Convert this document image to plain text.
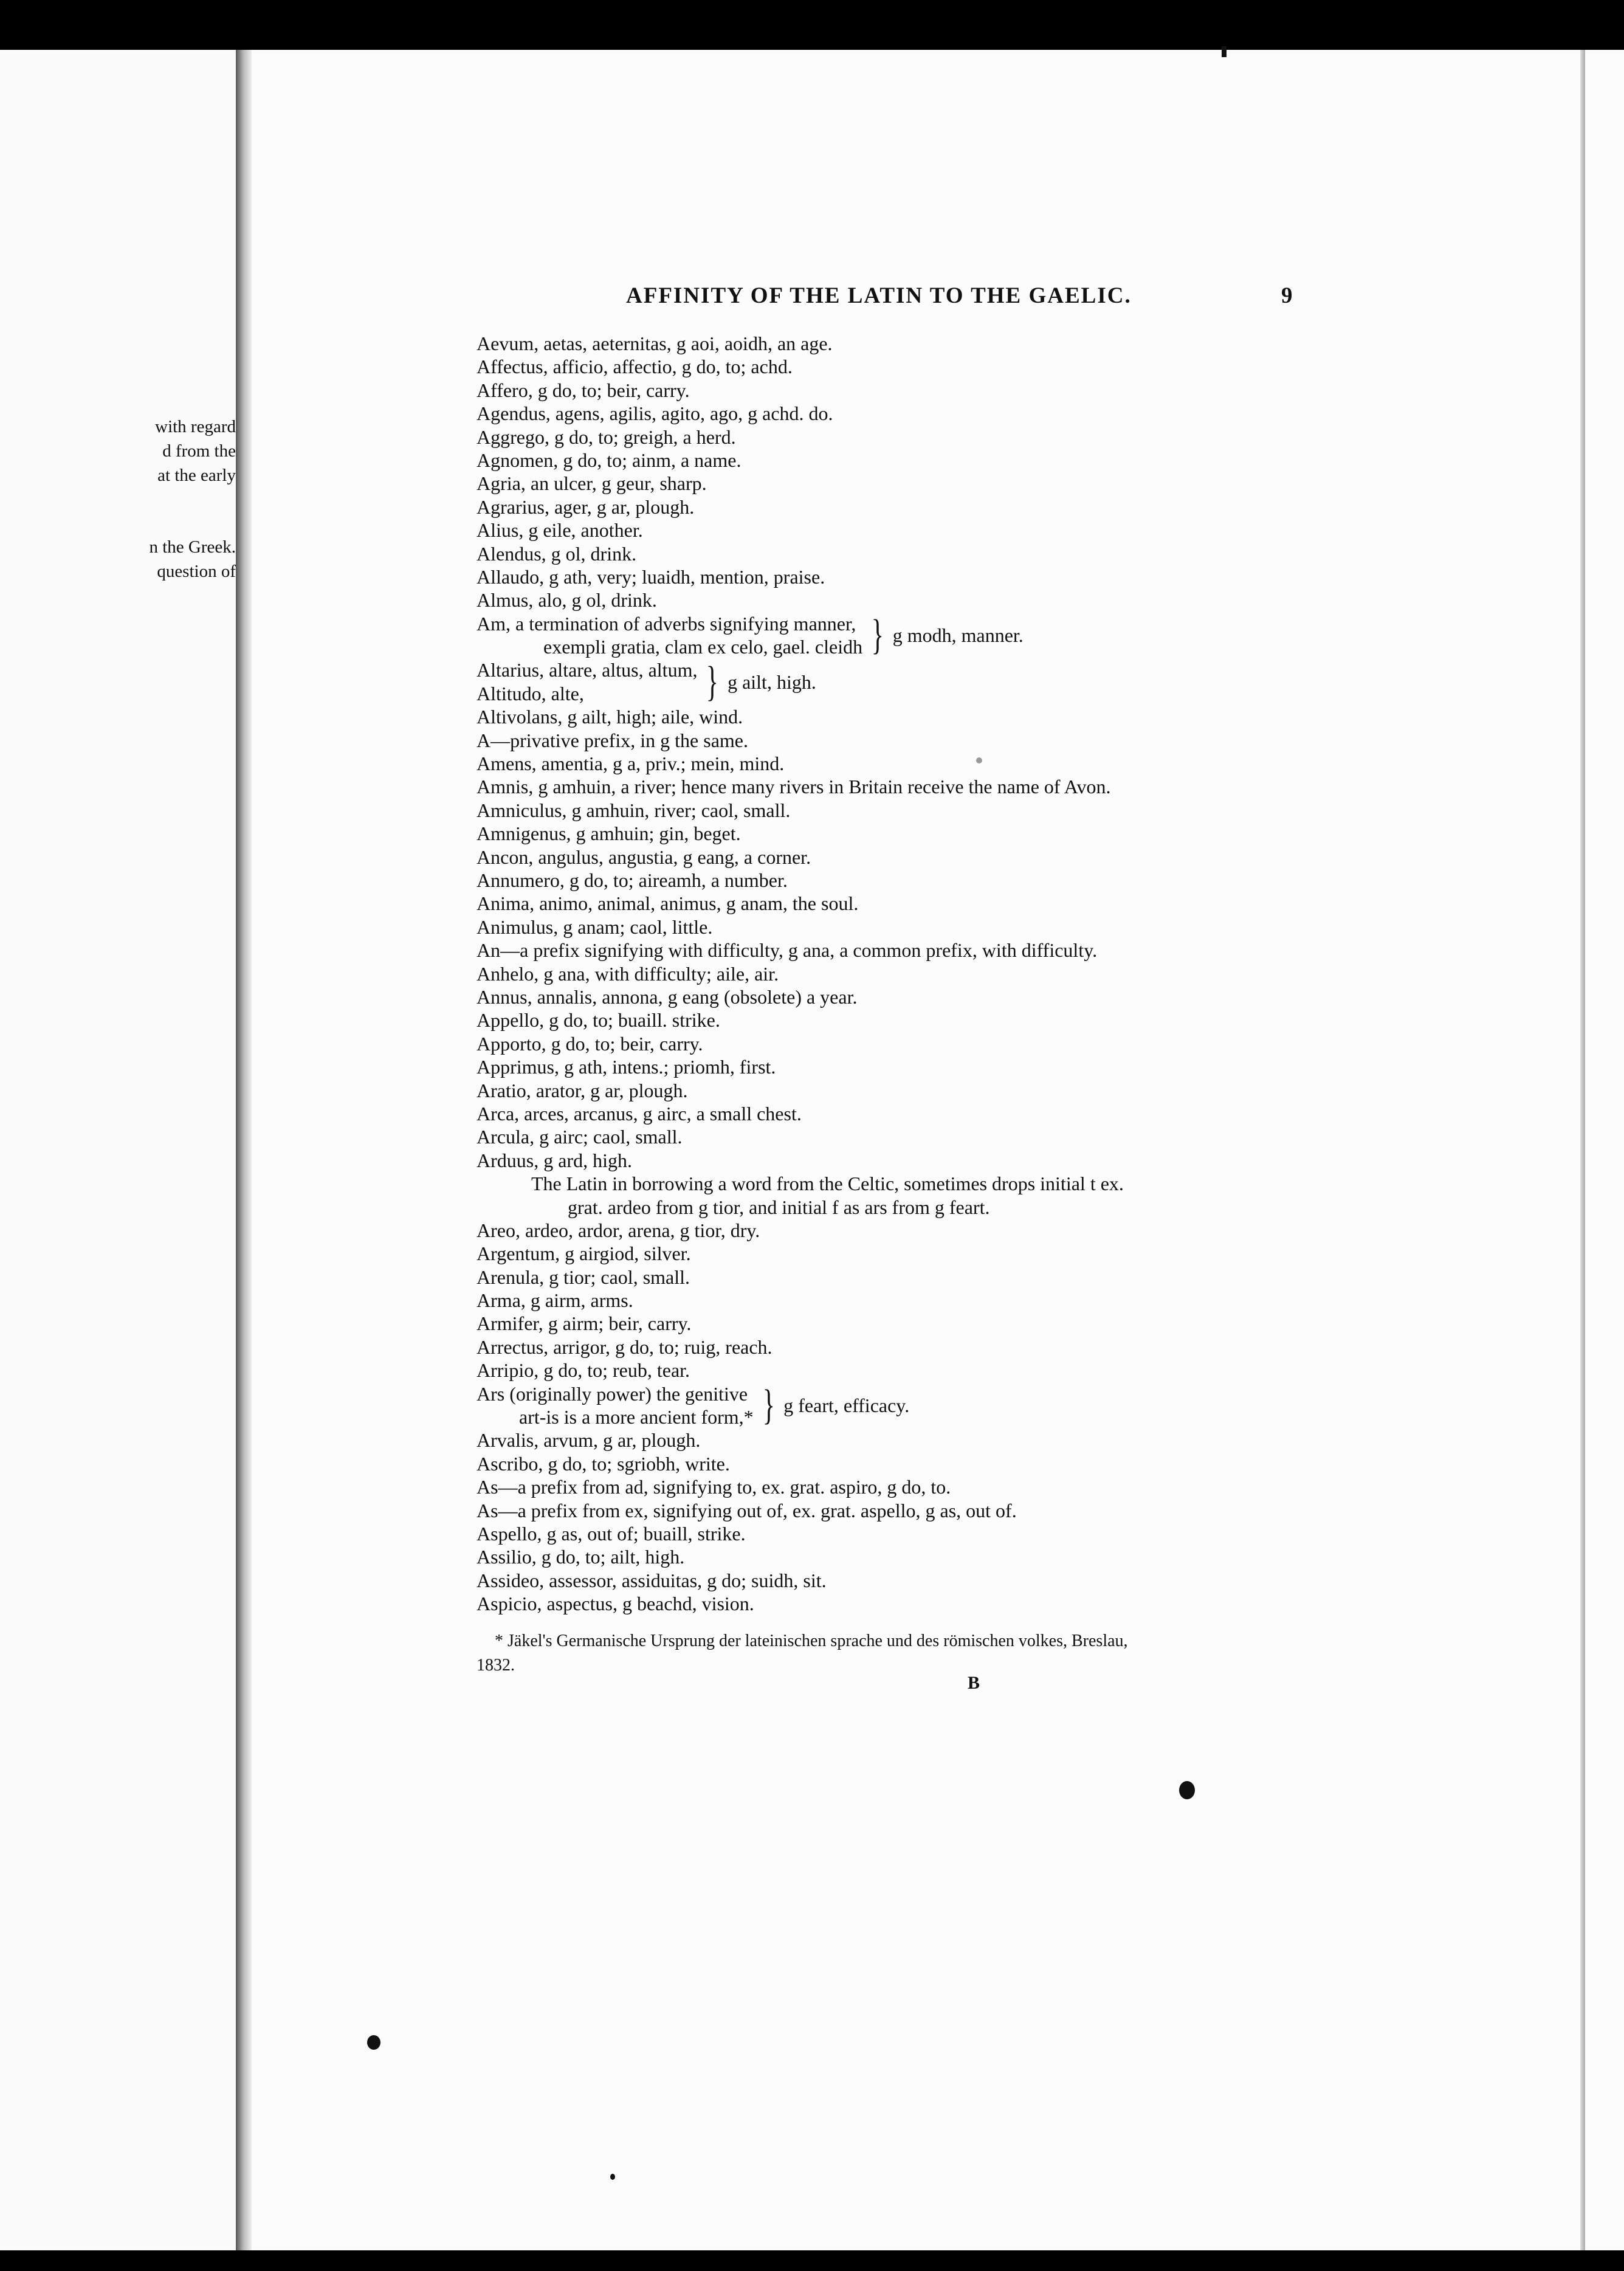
with regard
d from the
at the early
n the Greek.
question of
AFFINITY OF THE LATIN TO THE GAELIC.	9
Aevum, aetas, aeternitas, g aoi, aoidh, an age.
Affectus, afficio, affectio, g do, to; achd.
Affero, g do, to; beir, carry.
Agendus, agens, agilis, agito, ago, g achd. do.
Aggrego, g do, to; greigh, a herd.
Agnomen, g do, to; ainm, a name.
Agria, an ulcer, g geur, sharp.
Agrarius, ager, g ar, plough.
Alius, g eile, another.
Alendus, g ol, drink.
Allaudo, g ath, very; luaidh, mention, praise.
Almus, alo, g ol, drink.
Am, a termination of adverbs signifying manner,
exempli gratia, clam ex celo, gael. cleidh } g modh, manner.
Altarius, altare, altus, altum,
Altitudo, alte,	} g ailt, high.
Altivolans, g ailt, high; aile, wind.
A—privative prefix, in g the same.
Amens, amentia, g a, priv.; mein, mind.
Amnis, g amhuin, a river; hence many rivers in Britain receive the name of Avon.
Amniculus, g amhuin, river; caol, small.
Amnigenus, g amhuin; gin, beget.
Ancon, angulus, angustia, g eang, a corner.
Annumero, g do, to; aireamh, a number.
Anima, animo, animal, animus, g anam, the soul.
Animulus, g anam; caol, little.
An—a prefix signifying with difficulty, g ana, a common prefix, with difficulty.
Anhelo, g ana, with difficulty; aile, air.
Annus, annalis, annona, g eang (obsolete) a year.
Appello, g do, to; buaill. strike.
Apporto, g do, to; beir, carry.
Apprimus, g ath, intens.; priomh, first.
Aratio, arator, g ar, plough.
Arca, arces, arcanus, g airc, a small chest.
Arcula, g airc; caol, small.
Arduus, g ard, high.
The Latin in borrowing a word from the Celtic, sometimes drops initial t ex.
grat. ardeo from g tior, and initial f as ars from g feart.
Areo, ardeo, ardor, arena, g tior, dry.
Argentum, g airgiod, silver.
Arenula, g tior; caol, small.
Arma, g airm, arms.
Armifer, g airm; beir, carry.
Arrectus, arrigor, g do, to; ruig, reach.
Arripio, g do, to; reub, tear.
Ars (originally power) the genitive
art-is is a more ancient form,* } g feart, efficacy.
Arvalis, arvum, g ar, plough.
Ascribo, g do, to; sgriobh, write.
As—a prefix from ad, signifying to, ex. grat. aspiro, g do, to.
As—a prefix from ex, signifying out of, ex. grat. aspello, g as, out of.
Aspello, g as, out of; buaill, strike.
Assilio, g do, to; ailt, high.
Assideo, assessor, assiduitas, g do; suidh, sit.
Aspicio, aspectus, g beachd, vision.
* Jäkel's Germanische Ursprung der lateinischen sprache und des römischen volkes, Breslau,
1832.
B
